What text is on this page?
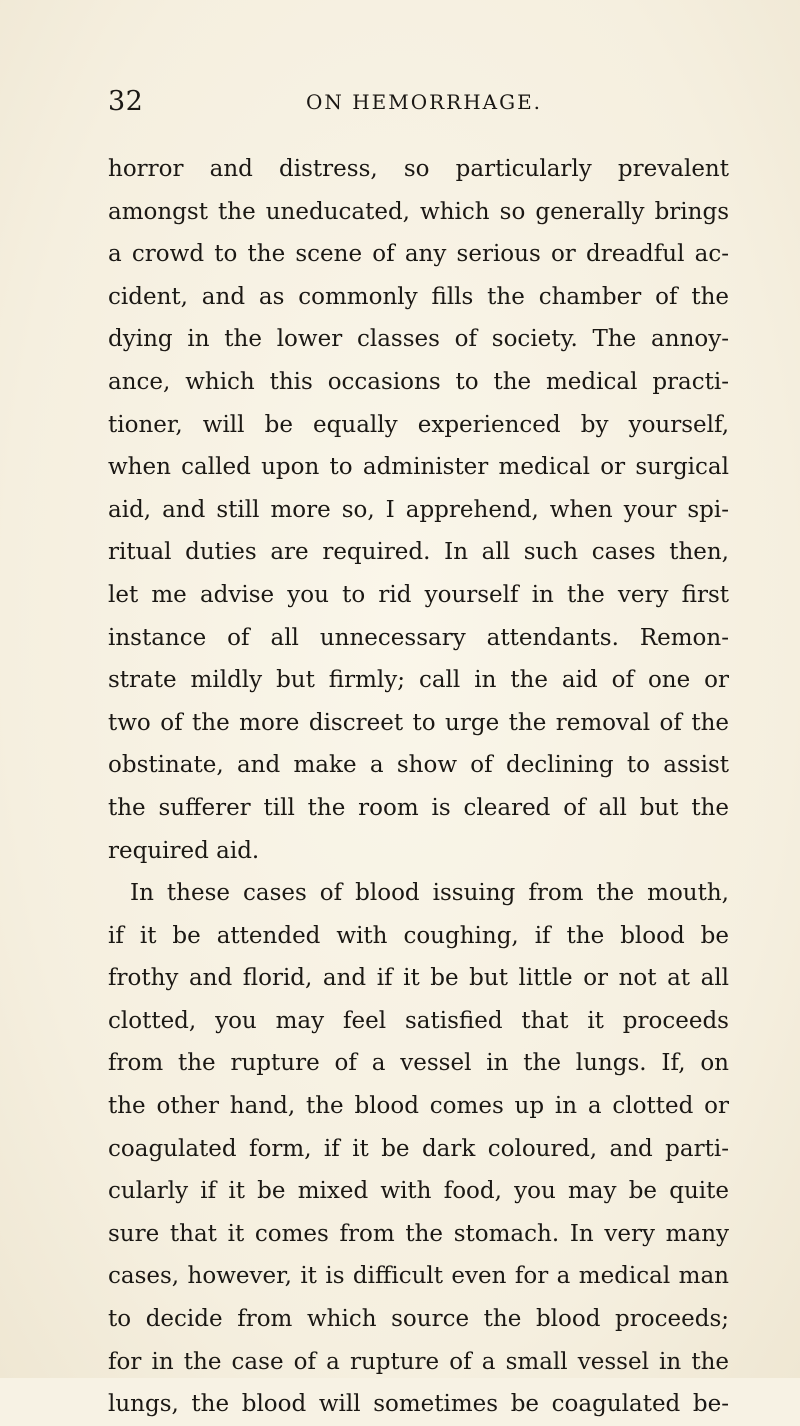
32	ON HEMORRHAGE.
horror and distress, so particularly prevalent
amongst the uneducated, which so generally brings
a crowd to the scene of any serious or dreadful ac-
cident, and as commonly fills the chamber of the
dying in the lower classes of society. The annoy-
ance, which this occasions to the medical practi-
tioner, will be equally experienced by yourself,
when called upon to administer medical or surgical
aid, and still more so, I apprehend, when your spi-
ritual duties are required. In all such cases then,
let me advise you to rid yourself in the very first
instance of all unnecessary attendants. Remon-
strate mildly but firmly; call in the aid of one or
two of the more discreet to urge the removal of the
obstinate, and make a show of declining to assist
the sufferer till the room is cleared of all but the
required aid.
In these cases of blood issuing from the mouth,
if it be attended with coughing, if the blood be
frothy and florid, and if it be but little or not at all
clotted, you may feel satisfied that it proceeds
from the rupture of a vessel in the lungs. If, on
the other hand, the blood comes up in a clotted or
coagulated form, if it be dark coloured, and parti-
cularly if it be mixed with food, you may be quite
sure that it comes from the stomach. In very many
cases, however, it is difficult even for a medical man
to decide from which source the blood proceeds;
for in the case of a rupture of a small vessel in the
lungs, the blood will sometimes be coagulated be-
